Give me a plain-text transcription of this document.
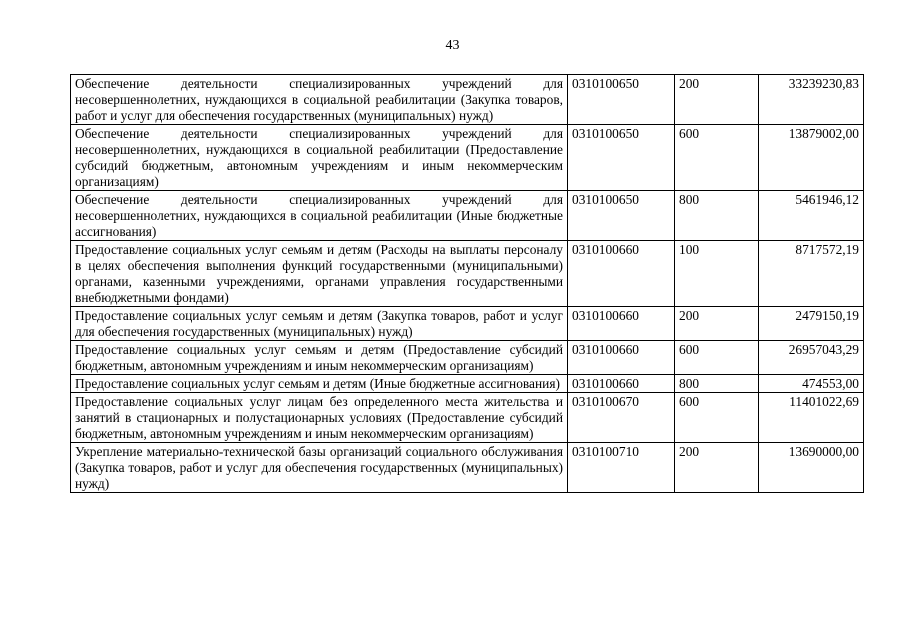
43
Обеспечение деятельности специализированных учреждений для несовершеннолетних, нуждающихся в социальной реабилитации (Закупка товаров, работ и услуг для обеспечения государственных (муниципальных) нужд)	0310100650	200	33239230,83
Обеспечение деятельности специализированных учреждений для несовершеннолетних, нуждающихся в социальной реабилитации (Предоставление субсидий бюджетным, автономным учреждениям и иным некоммерческим организациям)	0310100650	600	13879002,00
Обеспечение деятельности специализированных учреждений для несовершеннолетних, нуждающихся в социальной реабилитации (Иные бюджетные ассигнования)	0310100650	800	5461946,12
Предоставление социальных услуг семьям и детям (Расходы на выплаты персоналу в целях обеспечения выполнения функций государственными (муниципальными) органами, казенными учреждениями, органами управления государственными внебюджетными фондами)	0310100660	100	8717572,19
Предоставление социальных услуг семьям и детям (Закупка товаров, работ и услуг для обеспечения государственных (муниципальных) нужд)	0310100660	200	2479150,19
Предоставление социальных услуг семьям и детям (Предоставление субсидий бюджетным, автономным учреждениям и иным некоммерческим организациям)	0310100660	600	26957043,29
Предоставление социальных услуг семьям и детям (Иные бюджетные ассигнования)	0310100660	800	474553,00
Предоставление социальных услуг лицам без определенного места жительства и занятий в стационарных и полустационарных условиях (Предоставление субсидий бюджетным, автономным учреждениям и иным некоммерческим организациям)	0310100670	600	11401022,69
Укрепление материально-технической базы организаций социального обслуживания (Закупка товаров, работ и услуг для обеспечения государственных (муниципальных) нужд)	0310100710	200	13690000,00
